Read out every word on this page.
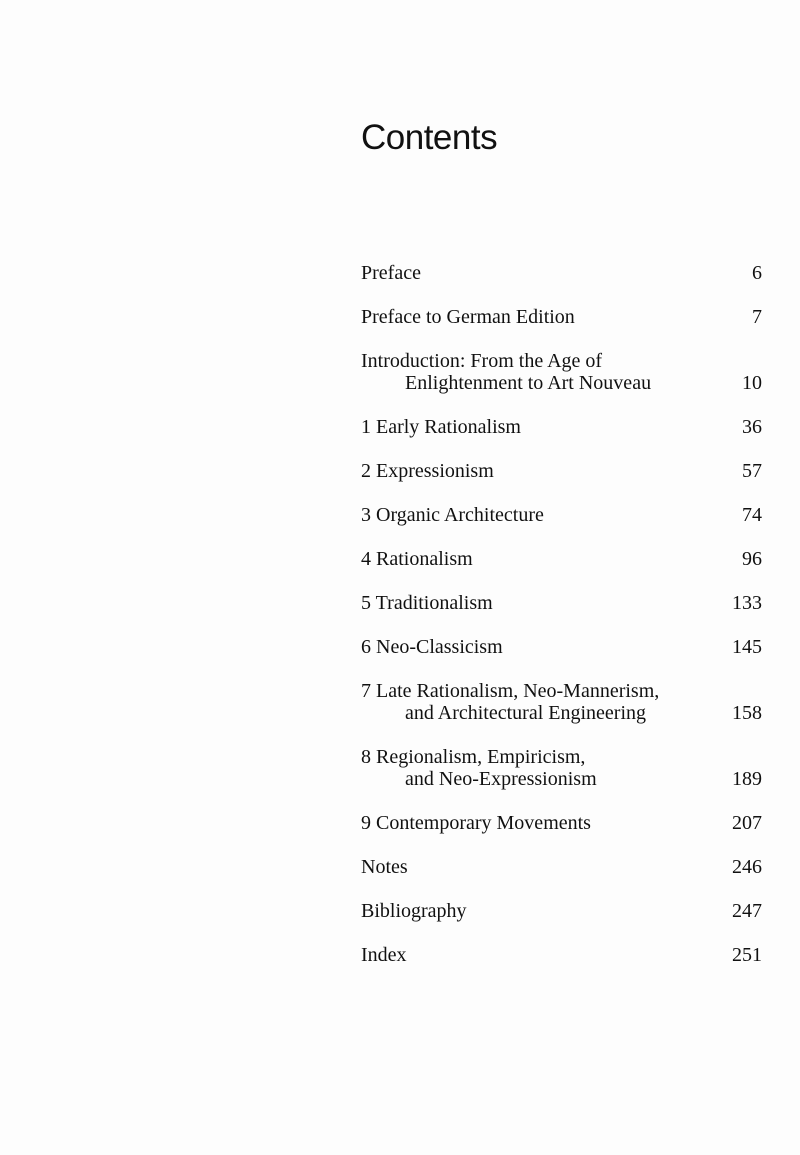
Contents
Preface	6
Preface to German Edition	7
Introduction: From the Age of
Enlightenment to Art Nouveau	10
1 Early Rationalism	36
2 Expressionism	57
3 Organic Architecture	74
4 Rationalism	96
5 Traditionalism	133
6 Neo-Classicism	145
7 Late Rationalism, Neo-Mannerism,
and Architectural Engineering	158
8 Regionalism, Empiricism,
and Neo-Expressionism	189
9 Contemporary Movements	207
Notes	246
Bibliography	247
Index	251
